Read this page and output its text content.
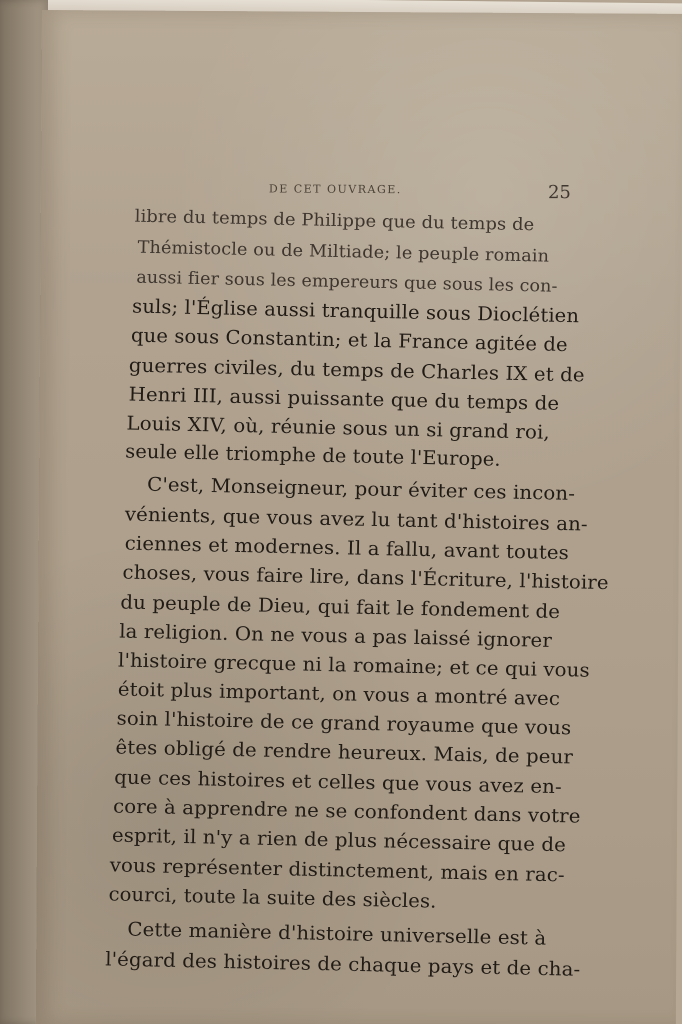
DE CET OUVRAGE.	25
libre du temps de Philippe que du temps de
Thémistocle ou de Miltiade; le peuple romain
aussi fier sous les empereurs que sous les con-
suls; l'Église aussi tranquille sous Dioclétien
que sous Constantin; et la France agitée de
guerres civiles, du temps de Charles IX et de
Henri III, aussi puissante que du temps de
Louis XIV, où, réunie sous un si grand roi,
seule elle triomphe de toute l'Europe.
C'est, Monseigneur, pour éviter ces incon-
vénients, que vous avez lu tant d'histoires an-
ciennes et modernes. Il a fallu, avant toutes
choses, vous faire lire, dans l'Écriture, l'histoire
du peuple de Dieu, qui fait le fondement de
la religion. On ne vous a pas laissé ignorer
l'histoire grecque ni la romaine; et ce qui vous
étoit plus important, on vous a montré avec
soin l'histoire de ce grand royaume que vous
êtes obligé de rendre heureux. Mais, de peur
que ces histoires et celles que vous avez en-
core à apprendre ne se confondent dans votre
esprit, il n'y a rien de plus nécessaire que de
vous représenter distinctement, mais en rac-
courci, toute la suite des siècles.
Cette manière d'histoire universelle est à
l'égard des histoires de chaque pays et de cha-
